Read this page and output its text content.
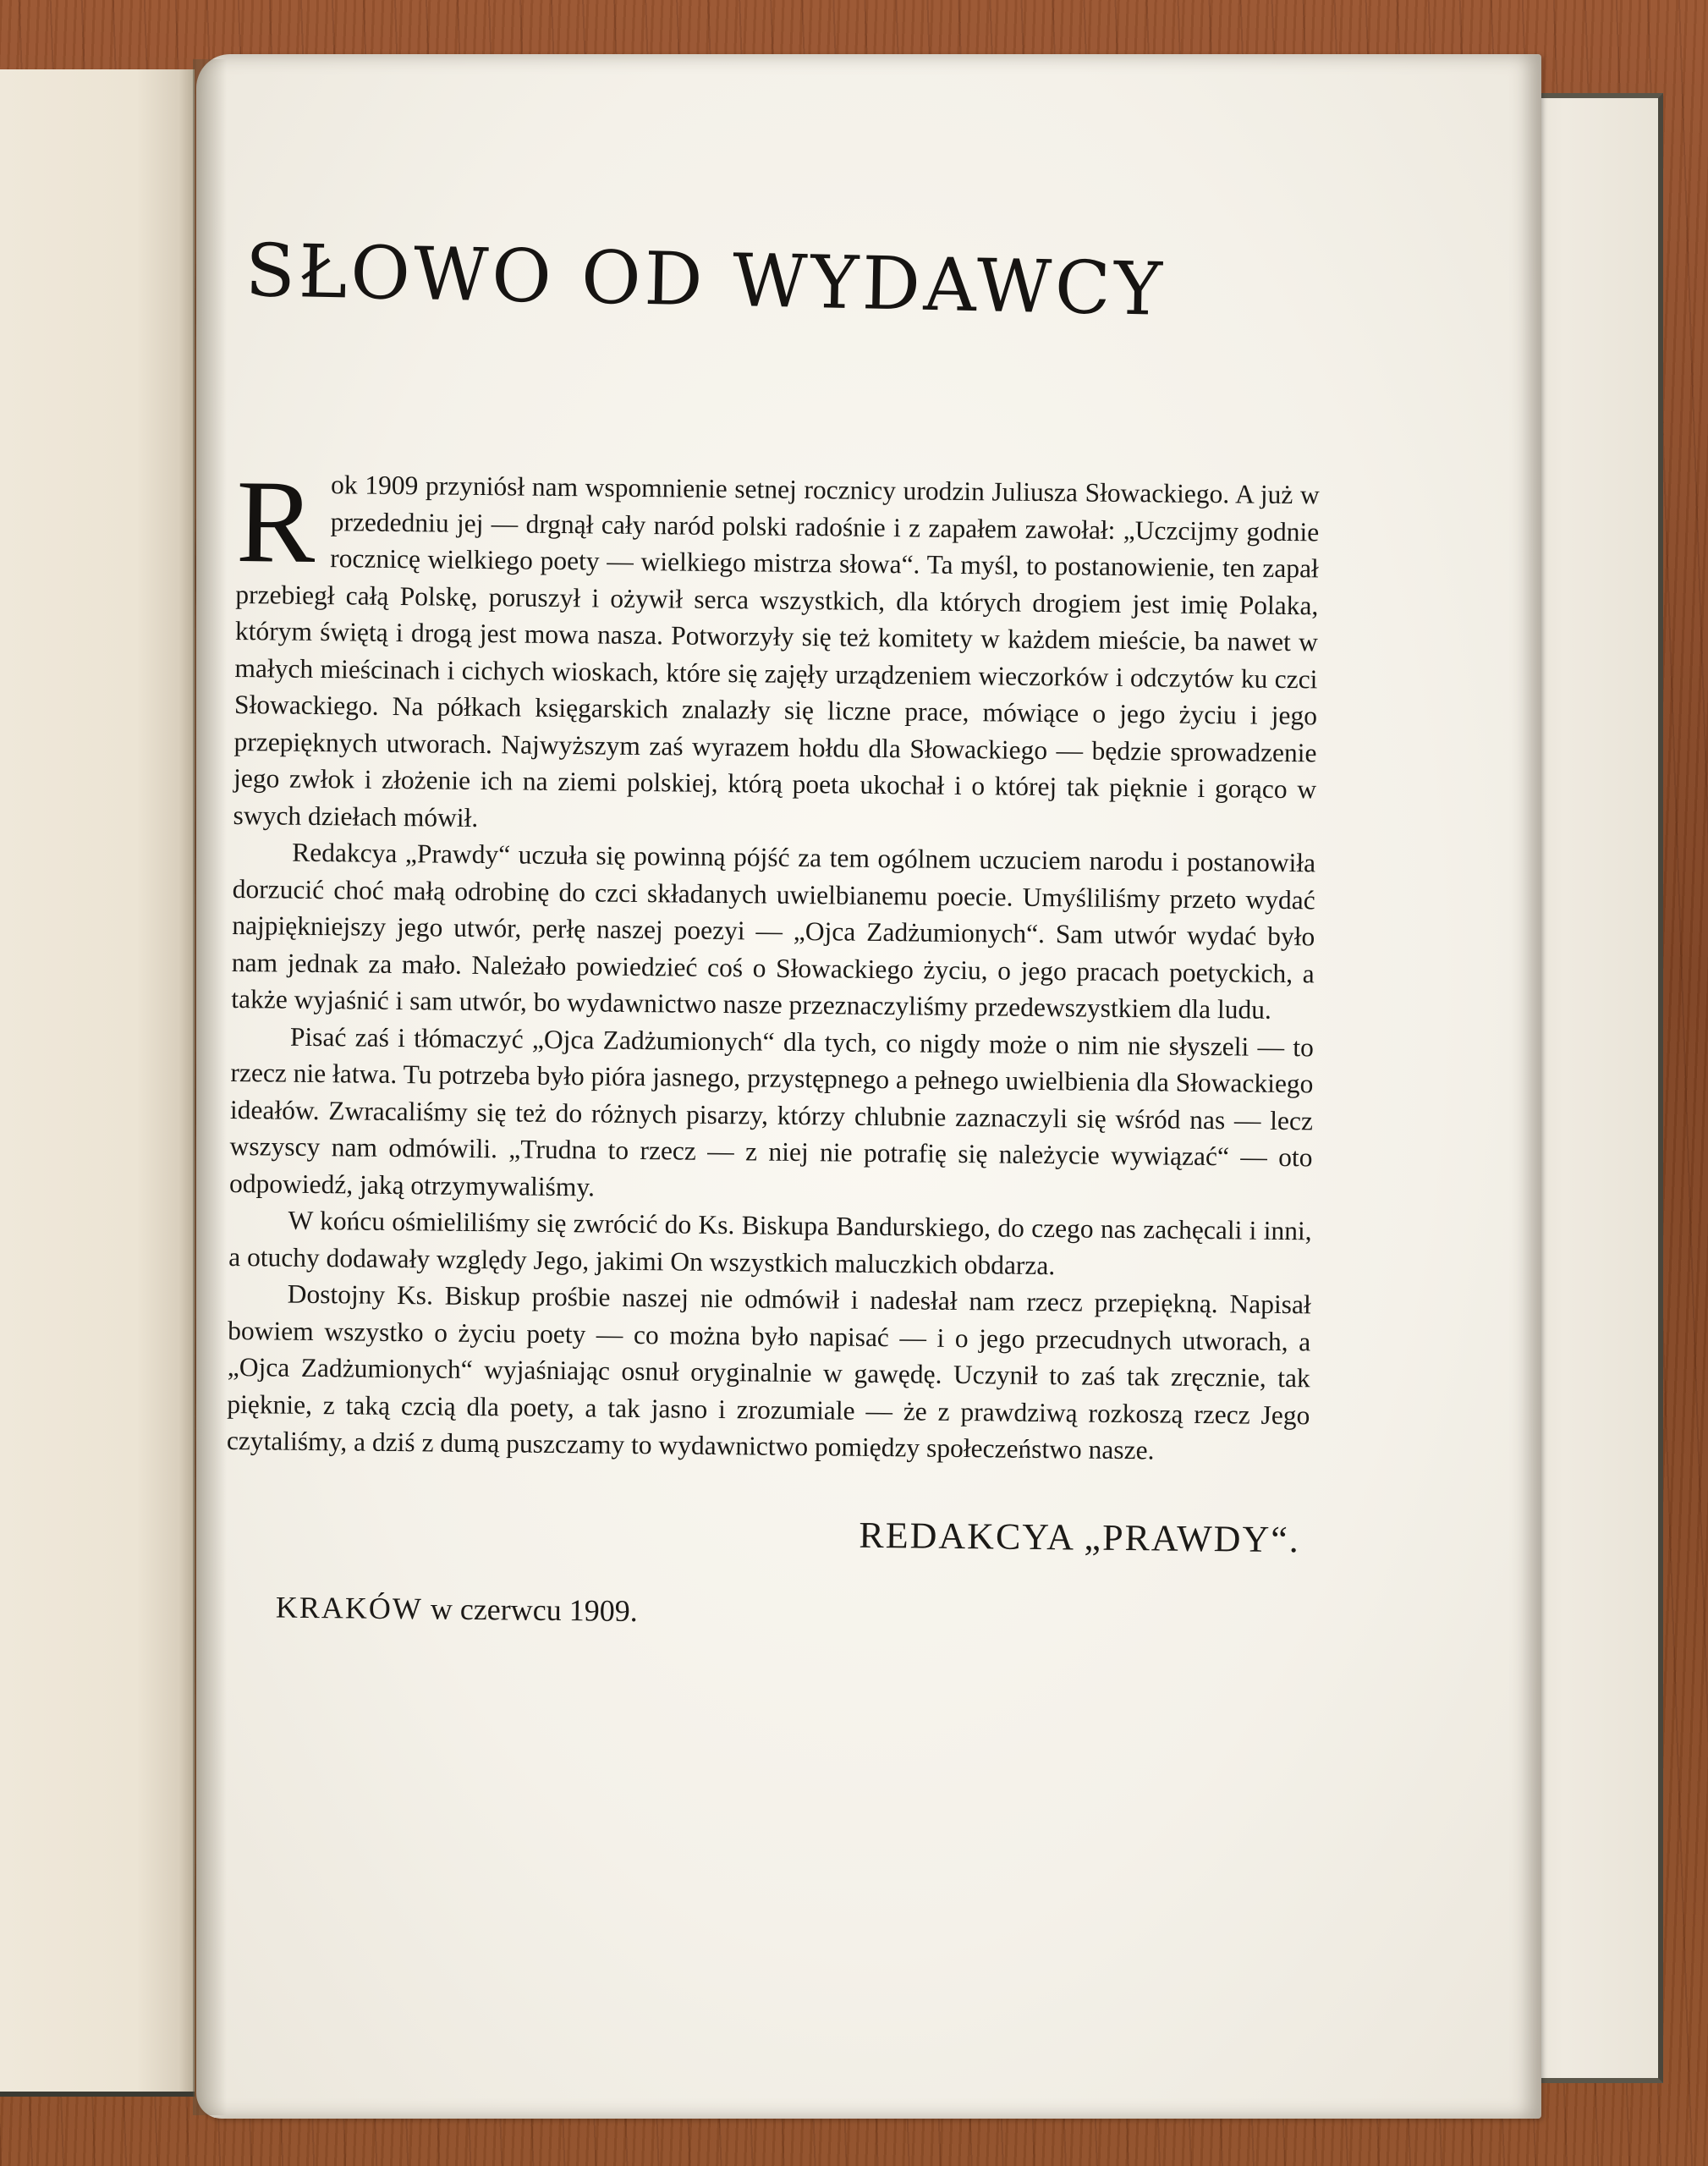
SŁOWO OD WYDAWCY

Rok 1909 przyniósł nam wspomnienie setnej rocznicy urodzin Juliusza Słowackiego. A już w przededniu jej — drgnął cały naród polski radośnie i z zapałem zawołał: „Uczcijmy godnie rocznicę wielkiego poety — wielkiego mistrza słowa“. Ta myśl, to postanowienie, ten zapał przebiegł całą Polskę, poruszył i ożywił serca wszystkich, dla których drogiem jest imię Polaka, którym świętą i drogą jest mowa nasza. Potworzyły się też komitety w każdem mieście, ba nawet w małych mieścinach i cichych wioskach, które się zajęły urządzeniem wieczorków i odczytów ku czci Słowackiego. Na półkach księgarskich znalazły się liczne prace, mówiące o jego życiu i jego przepięknych utworach. Najwyższym zaś wyrazem hołdu dla Słowackiego — będzie sprowadzenie jego zwłok i złożenie ich na ziemi polskiej, którą poeta ukochał i o której tak pięknie i gorąco w swych dziełach mówił.

Redakcya „Prawdy“ uczuła się powinną pójść za tem ogólnem uczuciem narodu i postanowiła dorzucić choć małą odrobinę do czci składanych uwielbianemu poecie. Umyśliliśmy przeto wydać najpiękniejszy jego utwór, perłę naszej poezyi — „Ojca Zadżumionych“. Sam utwór wydać było nam jednak za mało. Należało powiedzieć coś o Słowackiego życiu, o jego pracach poetyckich, a także wyjaśnić i sam utwór, bo wydawnictwo nasze przeznaczyliśmy przedewszystkiem dla ludu.

Pisać zaś i tłómaczyć „Ojca Zadżumionych“ dla tych, co nigdy może o nim nie słyszeli — to rzecz nie łatwa. Tu potrzeba było pióra jasnego, przystępnego a pełnego uwielbienia dla Słowackiego ideałów. Zwracaliśmy się też do różnych pisarzy, którzy chlubnie zaznaczyli się wśród nas — lecz wszyscy nam odmówili. „Trudna to rzecz — z niej nie potrafię się należycie wywiązać“ — oto odpowiedź, jaką otrzymywaliśmy.

W końcu ośmieliliśmy się zwrócić do Ks. Biskupa Bandurskiego, do czego nas zachęcali i inni, a otuchy dodawały względy Jego, jakimi On wszystkich maluczkich obdarza.

Dostojny Ks. Biskup prośbie naszej nie odmówił i nadesłał nam rzecz przepiękną. Napisał bowiem wszystko o życiu poety — co można było napisać — i o jego przecudnych utworach, a „Ojca Zadżumionych“ wyjaśniając osnuł oryginalnie w gawędę. Uczynił to zaś tak zręcznie, tak pięknie, z taką czcią dla poety, a tak jasno i zrozumiale — że z prawdziwą rozkoszą rzecz Jego czytaliśmy, a dziś z dumą puszczamy to wydawnictwo pomiędzy społeczeństwo nasze.

REDAKCYA „PRAWDY“.
KRAKÓW w czerwcu 1909.
